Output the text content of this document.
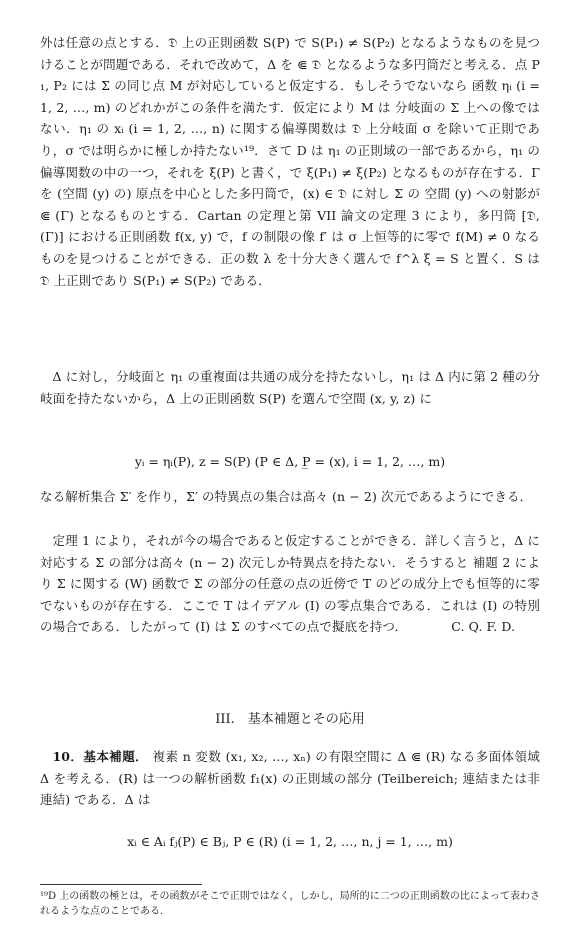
外は任意の点とする．𝔇 上の正則函数 S(P) で S(P₁) ≠ S(P₂) となるようなものを見つけることが問題である．それで改めて，Δ を ⋐ 𝔇 となるような多円筒だと考える．点 P₁, P₂ には Σ の同じ点 M が対応していると仮定する．もしそうでないなら 函数 ηᵢ (i = 1, 2, …, m) のどれかがこの条件を満たす．仮定により M は 分岐面の Σ 上への像ではない．η₁ の xᵢ (i = 1, 2, …, n) に関する偏導関数は 𝔇 上分岐面 σ を除いて正則であり，σ では明らかに極しか持たない¹⁹．さて D は η₁ の正則域の一部であるから，η₁ の偏導関数の中の一つ，それを ξ(P) と書く，で ξ(P₁) ≠ ξ(P₂) となるものが存在する．Γ を (空間 (y) の) 原点を中心とした多円筒で，(x) ∈ 𝔇 に対し Σ の 空間 (y) への射影が ⋐ (Γ) となるものとする．Cartan の定理と第 VII 論文の定理 3 により，多円筒 [𝔇, (Γ)] における正則函数 f(x, y) で，f の制限の像 f′ は σ 上恒等的に零で f(M) ≠ 0 なるものを見つけることができる．正の数 λ を十分大きく選んで f^λ ξ = S と置く．S は 𝔇 上正則であり S(P₁) ≠ S(P₂) である．

Δ に対し，分岐面と η₁ の重複面は共通の成分を持たないし，η₁ は Δ 内に第 2 種の分岐面を持たないから，Δ 上の正則函数 S(P) を選んで空間 (x, y, z) に

yᵢ = ηᵢ(P), z = S(P) (P ∈ Δ, P̲ = (x), i = 1, 2, …, m)

なる解析集合 Σ′ を作り，Σ′ の特異点の集合は高々 (n − 2) 次元であるようにできる．

定理 1 により，それが今の場合であると仮定することができる．詳しく言うと，Δ に対応する Σ の部分は高々 (n − 2) 次元しか特異点を持たない．そうすると 補題 2 により Σ に関する (W) 函数で Σ の部分の任意の点の近傍で T のどの成分上でも恒等的に零でないものが存在する．ここで T はイデアル (I) の零点集合である．これは (I) の特別の場合である．したがって (I) は Σ のすべての点で擬底を持つ．　　　　C. Q. F. D.

III.　基本補題とその応用

10．基本補題． 複素 n 変数 (x₁, x₂, …, xₙ) の有限空間に Δ ⋐ (R) なる多面体領域 Δ を考える．(R) は一つの解析函数 f₁(x) の正則域の部分 (Teilbereich; 連結または非連結) である．Δ は

xᵢ ∈ Aᵢ fⱼ(P) ∈ Bⱼ, P ∈ (R) (i = 1, 2, …, n, j = 1, …, m)

¹⁹D 上の函数の極とは，その函数がそこで正則ではなく，しかし，局所的に二つの正則函数の比によって表わされるような点のことである．
